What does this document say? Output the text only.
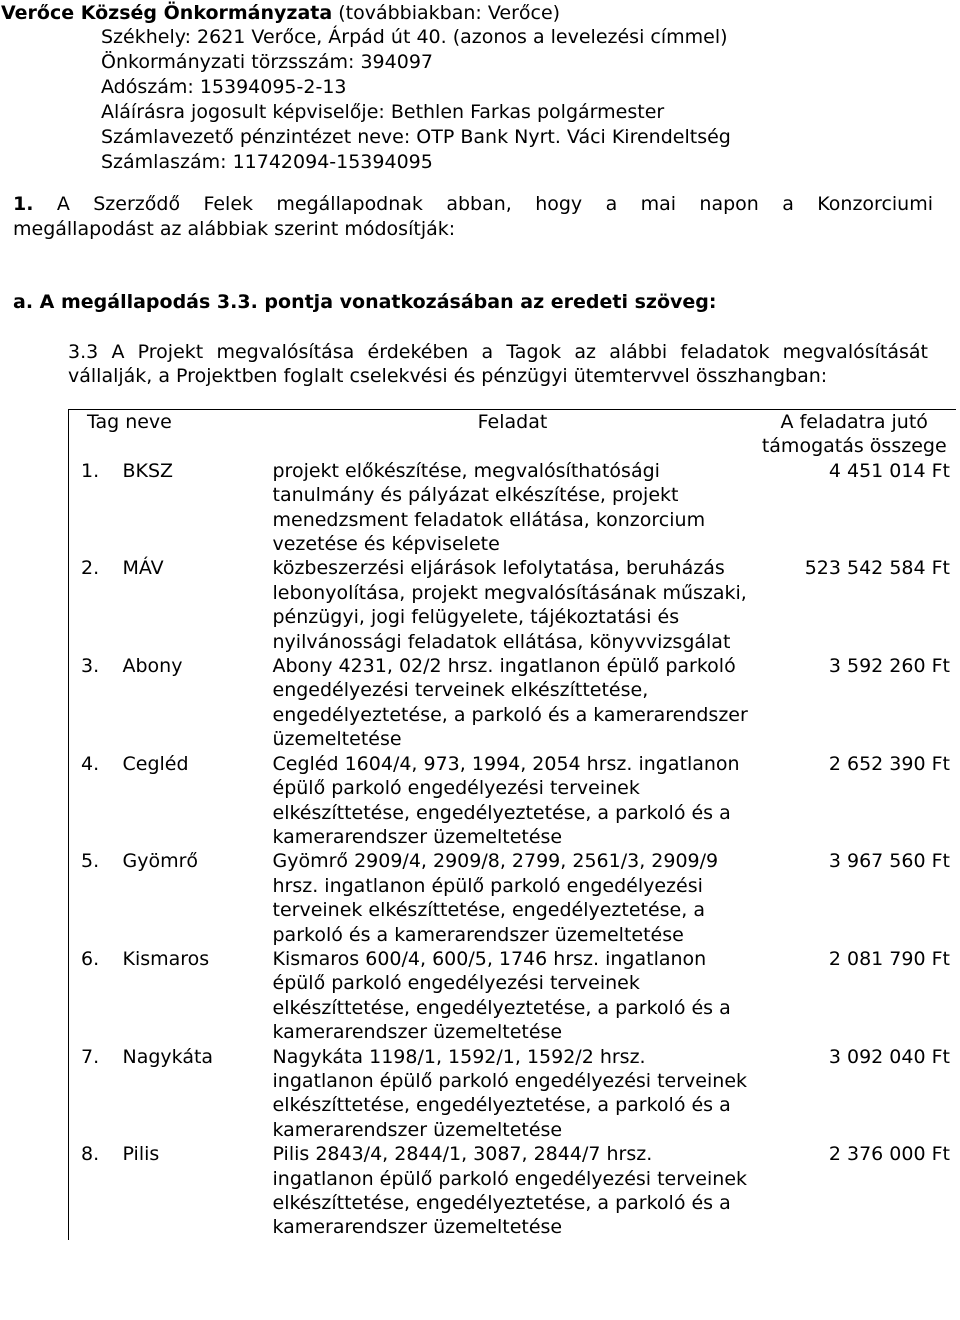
Verőce Község Önkormányzata (továbbiakban: Verőce)
Székhely: 2621 Verőce, Árpád út 40. (azonos a levelezési címmel)
Önkormányzati törzsszám: 394097
Adószám: 15394095-2-13
Aláírásra jogosult képviselője: Bethlen Farkas polgármester
Számlavezető pénzintézet neve: OTP Bank Nyrt. Váci Kirendeltség
Számlaszám: 11742094-15394095
1. A Szerződő Felek megállapodnak abban, hogy a mai napon a Konzorciumi
megállapodást az alábbiak szerint módosítják:
a. A megállapodás 3.3. pontja vonatkozásában az eredeti szöveg:
3.3 A Projekt megvalósítása érdekében a Tagok az alábbi feladatok megvalósítását
vállalják, a Projektben foglalt cselekvési és pénzügyi ütemtervvel összhangban:
Tag neve		Feladat	A feladatra jutó támogatás összege
1.	BKSZ	projekt előkészítése, megvalósíthatósági tanulmány és pályázat elkészítése, projekt menedzsment feladatok ellátása, konzorcium vezetése és képviselete	4 451 014 Ft
2.	MÁV	közbeszerzési eljárások lefolytatása, beruházás lebonyolítása, projekt megvalósításának műszaki, pénzügyi, jogi felügyelete, tájékoztatási és nyilvánossági feladatok ellátása, könyvvizsgálat	523 542 584 Ft
3.	Abony	Abony 4231, 02/2 hrsz. ingatlanon épülő parkoló engedélyezési terveinek elkészíttetése, engedélyeztetése, a parkoló és a kamerarendszer üzemeltetése	3 592 260 Ft
4.	Cegléd	Cegléd 1604/4, 973, 1994, 2054 hrsz. ingatlanon épülő parkoló engedélyezési terveinek elkészíttetése, engedélyeztetése, a parkoló és a kamerarendszer üzemeltetése	2 652 390 Ft
5.	Gyömrő	Gyömrő 2909/4, 2909/8, 2799, 2561/3, 2909/9 hrsz. ingatlanon épülő parkoló engedélyezési terveinek elkészíttetése, engedélyeztetése, a parkoló és a kamerarendszer üzemeltetése	3 967 560 Ft
6.	Kismaros	Kismaros 600/4, 600/5, 1746 hrsz. ingatlanon épülő parkoló engedélyezési terveinek elkészíttetése, engedélyeztetése, a parkoló és a kamerarendszer üzemeltetése	2 081 790 Ft
7.	Nagykáta	Nagykáta 1198/1, 1592/1, 1592/2 hrsz. ingatlanon épülő parkoló engedélyezési terveinek elkészíttetése, engedélyeztetése, a parkoló és a kamerarendszer üzemeltetése	3 092 040 Ft
8.	Pilis	Pilis 2843/4, 2844/1, 3087, 2844/7 hrsz. ingatlanon épülő parkoló engedélyezési terveinek elkészíttetése, engedélyeztetése, a parkoló és a kamerarendszer üzemeltetése	2 376 000 Ft
